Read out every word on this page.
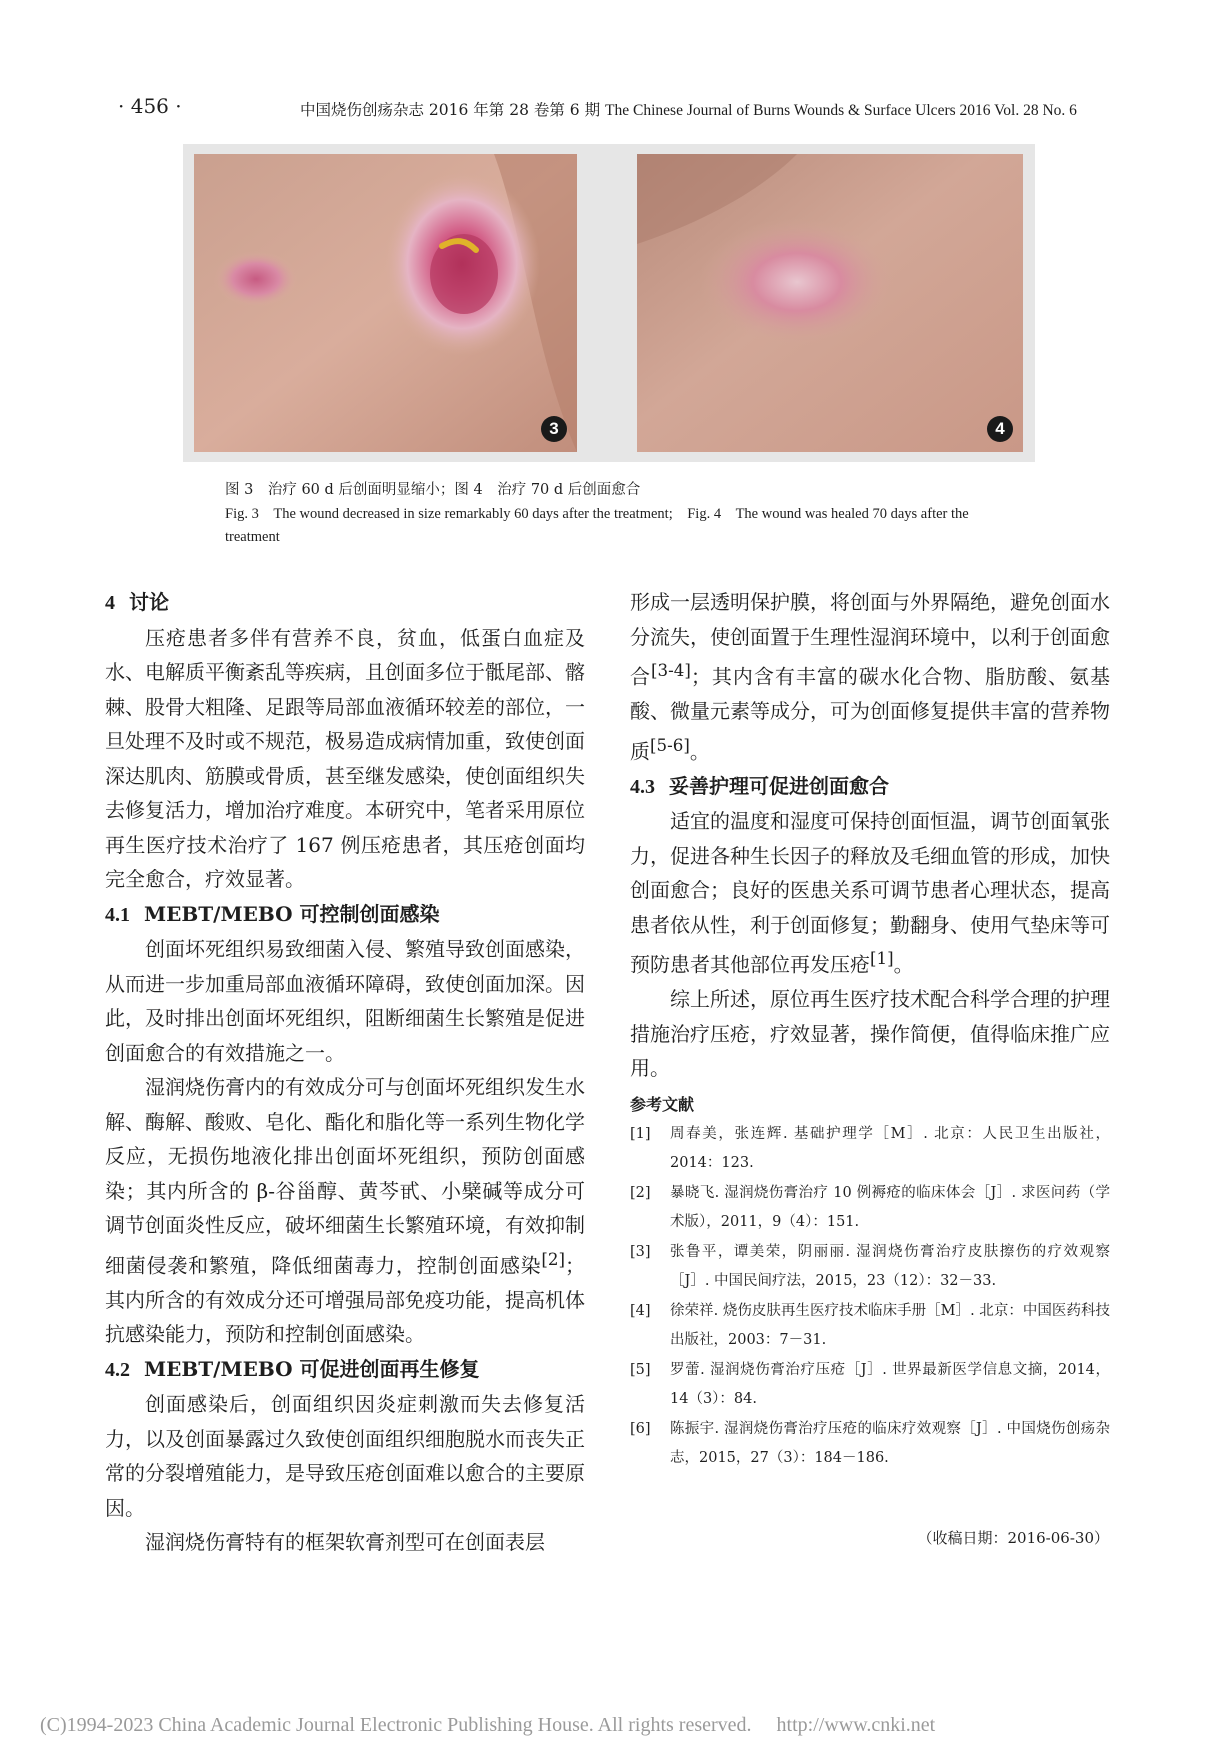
· 456 ·	中国烧伤创疡杂志 2016 年第 28 卷第 6 期 The Chinese Journal of Burns Wounds & Surface Ulcers 2016 Vol. 28 No. 6
3	4
图 3　治疗 60 d 后创面明显缩小；图 4　治疗 70 d 后创面愈合
Fig. 3　The wound decreased in size remarkably 60 days after the treatment;　Fig. 4　The wound was healed 70 days after the treatment
4 讨论

压疮患者多伴有营养不良，贫血，低蛋白血症及水、电解质平衡紊乱等疾病，且创面多位于骶尾部、髂棘、股骨大粗隆、足跟等局部血液循环较差的部位，一旦处理不及时或不规范，极易造成病情加重，致使创面深达肌肉、筋膜或骨质，甚至继发感染，使创面组织失去修复活力，增加治疗难度。本研究中，笔者采用原位再生医疗技术治疗了 167 例压疮患者，其压疮创面均完全愈合，疗效显著。

4.1 MEBT/MEBO 可控制创面感染

创面坏死组织易致细菌入侵、繁殖导致创面感染，从而进一步加重局部血液循环障碍，致使创面加深。因此，及时排出创面坏死组织，阻断细菌生长繁殖是促进创面愈合的有效措施之一。

湿润烧伤膏内的有效成分可与创面坏死组织发生水解、酶解、酸败、皂化、酯化和脂化等一系列生物化学反应，无损伤地液化排出创面坏死组织，预防创面感染；其内所含的 β-谷甾醇、黄芩甙、小檗碱等成分可调节创面炎性反应，破坏细菌生长繁殖环境，有效抑制细菌侵袭和繁殖，降低细菌毒力，控制创面感染[2]；其内所含的有效成分还可增强局部免疫功能，提高机体抗感染能力，预防和控制创面感染。

4.2 MEBT/MEBO 可促进创面再生修复

创面感染后，创面组织因炎症刺激而失去修复活力，以及创面暴露过久致使创面组织细胞脱水而丧失正常的分裂增殖能力，是导致压疮创面难以愈合的主要原因。

湿润烧伤膏特有的框架软膏剂型可在创面表层

形成一层透明保护膜，将创面与外界隔绝，避免创面水分流失，使创面置于生理性湿润环境中，以利于创面愈合[3-4]；其内含有丰富的碳水化合物、脂肪酸、氨基酸、微量元素等成分，可为创面修复提供丰富的营养物质[5-6]。

4.3 妥善护理可促进创面愈合

适宜的温度和湿度可保持创面恒温，调节创面氧张力，促进各种生长因子的释放及毛细血管的形成，加快创面愈合；良好的医患关系可调节患者心理状态，提高患者依从性，利于创面修复；勤翻身、使用气垫床等可预防患者其他部位再发压疮[1]。

综上所述，原位再生医疗技术配合科学合理的护理措施治疗压疮，疗效显著，操作简便，值得临床推广应用。

参考文献
[1]	周春美，张连辉. 基础护理学［M］. 北京：人民卫生出版社，2014：123.
[2]	暴晓飞. 湿润烧伤膏治疗 10 例褥疮的临床体会［J］. 求医问药（学术版），2011，9（4）：151.
[3]	张鲁平，谭美荣，阴丽丽. 湿润烧伤膏治疗皮肤擦伤的疗效观察［J］. 中国民间疗法，2015，23（12）：32－33.
[4]	徐荣祥. 烧伤皮肤再生医疗技术临床手册［M］. 北京：中国医药科技出版社，2003：7－31.
[5]	罗蕾. 湿润烧伤膏治疗压疮［J］. 世界最新医学信息文摘，2014，14（3）：84.
[6]	陈振宇. 湿润烧伤膏治疗压疮的临床疗效观察［J］. 中国烧伤创疡杂志，2015，27（3）：184－186.
（收稿日期：2016-06-30）
(C)1994-2023 China Academic Journal Electronic Publishing House. All rights reserved.　 http://www.cnki.net
